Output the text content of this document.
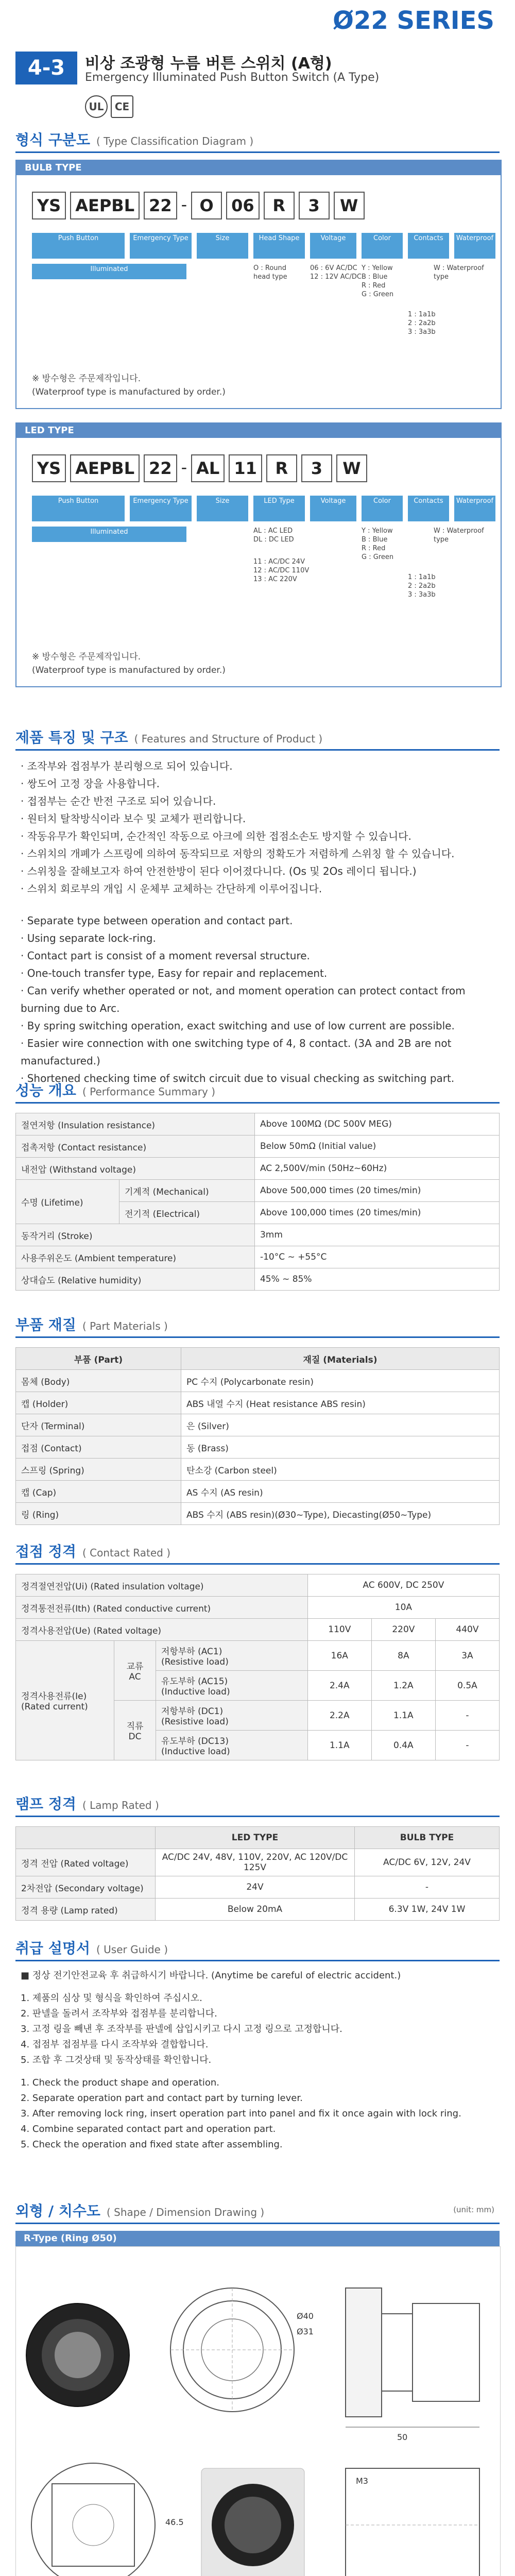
Ø22 SERIES
4-3	비상 조광형 누름 버튼 스위치 (A형)
Emergency Illuminated Push Button Switch (A Type)
UL	CE
형식 구분도 ( Type Classification Diagram )
BULB TYPE
YS AEPBL 22 - O	06	R	3	W
Push Button	Emergency Type	Size	Head Shape	Voltage	Color	Contacts	Waterproof
O : Round
head type
06 : 6V AC/DC
12 : 12V AC/DC
Y : Yellow
B : Blue
R : Red
G : Green
1 : 1a1b
2 : 2a2b
3 : 3a3b
W : Waterproof type
Illuminated
※ 방수형은 주문제작입니다.
(Waterproof type is manufactured by order.)
LED TYPE
YS AEPBL 22 - AL 11	R	3	W
Push Button	Emergency Type	Size	LED Type	Voltage	Color	Contacts	Waterproof
AL : AC LED
DL : DC LED
11 : AC/DC 24V
12 : AC/DC 110V
13 : AC 220V
Y : Yellow
B : Blue
R : Red
G : Green
1 : 1a1b
2 : 2a2b
3 : 3a3b
W : Waterproof type
Illuminated
※ 방수형은 주문제작입니다.
(Waterproof type is manufactured by order.)
제품 특징 및 구조 ( Features and Structure of Product )
· 조작부와 접점부가 분리형으로 되어 있습니다.
· 쌍도어 고정 장을 사용합니다.
· 접점부는 순간 반전 구조로 되어 있습니다.
· 원터치 탈착방식이라 보수 및 교체가 편리합니다.
· 작동유무가 확인되며, 순간적인 작동으로 아크에 의한 접점소손도 방지할 수 있습니다.
· 스위치의 개폐가 스프링에 의하여 동작되므로 저항의 정확도가 저렴하게 스위칭 할 수 있습니다.
· 스위칭을 잘해보고자 하여 안전한방이 된다 이어졌다니다. (Os 및 2Os 레이디 됩니다.)
· 스위치 회로부의 개입 시 운체부 교체하는 간단하게 이루어집니다.
· Separate type between operation and contact part.
· Using separate lock-ring.
· Contact part is consist of a moment reversal structure.
· One-touch transfer type, Easy for repair and replacement.
· Can verify whether operated or not, and moment operation can protect contact from burning due to Arc.
· By spring switching operation, exact switching and use of low current are possible.
· Easier wire connection with one switching type of 4, 8 contact. (3A and 2B are not manufactured.)
· Shortened checking time of switch circuit due to visual checking as switching part.
성능 개요 ( Performance Summary )
절연저항 (Insulation resistance)		Above 100MΩ (DC 500V MEG)
접촉저항 (Contact resistance)		Below 50mΩ (Initial value)
내전압 (Withstand voltage)		AC 2,500V/min (50Hz~60Hz)
수명 (Lifetime)	기계적 (Mechanical)	Above 500,000 times (20 times/min)
	전기적 (Electrical)	Above 100,000 times (20 times/min)
동작거리 (Stroke)		3mm
사용주위온도 (Ambient temperature)		-10°C ~ +55°C
상대습도 (Relative humidity)		45% ~ 85%
부품 재질 ( Part Materials )
부품 (Part)	재질 (Materials)
몸체 (Body)	PC 수지 (Polycarbonate resin)
캡 (Holder)	ABS 내열 수지 (Heat resistance ABS resin)
단자 (Terminal)	은 (Silver)
접점 (Contact)	동 (Brass)
스프링 (Spring)	탄소강 (Carbon steel)
캡 (Cap)	AS 수지 (AS resin)
링 (Ring)	ABS 수지 (ABS resin)(Ø30~Type), Diecasting(Ø50~Type)
접점 정격 ( Contact Rated )
정격절연전압(Ui) (Rated insulation voltage)			AC 600V, DC 250V		
정격통전전류(Ith) (Rated conductive current)			10A		
정격사용전압(Ue) (Rated voltage)			110V	220V	440V
정격사용전류(Ie) (Rated current)	교류 AC	저항부하 (AC1)
(Resistive load)	16A	8A	3A
		유도부하 (AC15)
(Inductive load)	2.4A	1.2A	0.5A
	직류 DC	저항부하 (DC1)
(Resistive load)	2.2A	1.1A	-
		유도부하 (DC13)
(Inductive load)	1.1A	0.4A	-
램프 정격 ( Lamp Rated )
	LED TYPE	BULB TYPE
정격 전압 (Rated voltage)	AC/DC 24V, 48V, 110V, 220V, AC 120V/DC 125V	AC/DC 6V, 12V, 24V
2차전압 (Secondary voltage)	24V	-
정격 용량 (Lamp rated)	Below 20mA	6.3V 1W, 24V 1W
취급 설명서 ( User Guide )
■ 정상 전기안전교육 후 취급하시기 바랍니다. (Anytime be careful of electric accident.)
1. 제품의 심상 및 형식을 확인하여 주십시오.
2. 판넬을 돌려서 조작부와 접점부를 분리합니다.
3. 고정 링을 빼낸 후 조작부를 판넬에 삽입시키고 다시 고정 링으로 고정합니다.
4. 접점부 접점부를 다시 조작부와 결합합니다.
5. 조합 후 그것상태 및 동작상태를 확인합니다.
1. Check the product shape and operation.
2. Separate operation part and contact part by turning lever.
3. After removing lock ring, insert operation part into panel and fix it once again with lock ring.
4. Combine separated contact part and operation part.
5. Check the operation and fixed state after assembling.
외형 / 치수도 ( Shape / Dimension Drawing )	(unit: mm)
R-Type (Ring Ø50)
Ø40
Ø31
50
46.5
M3
